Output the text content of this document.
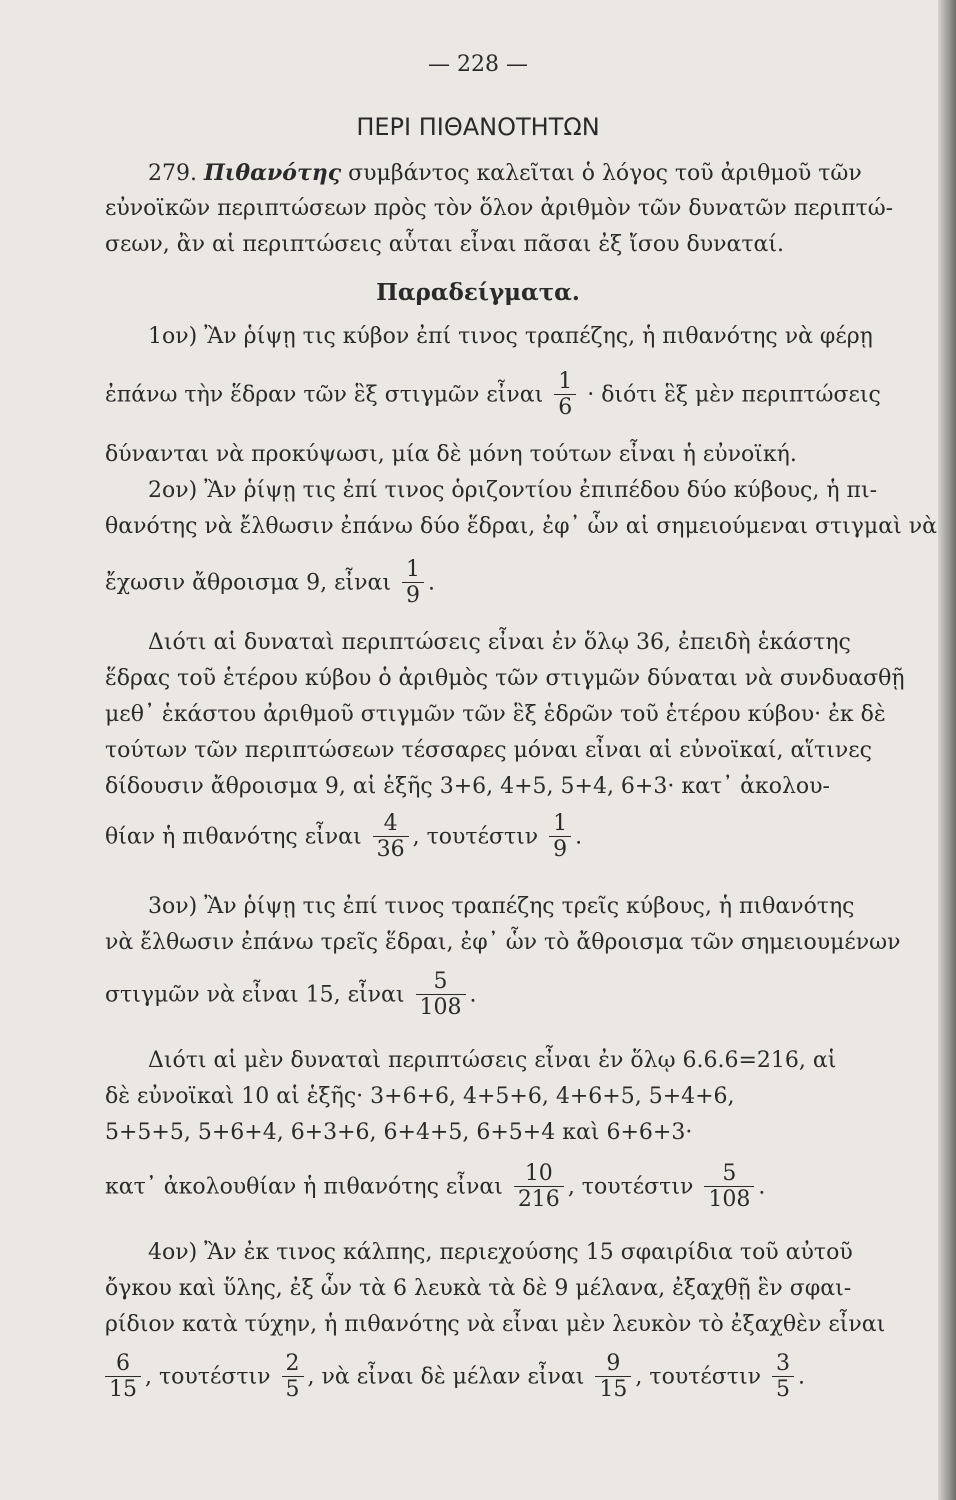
— 228 —
ΠΕΡΙ ΠΙΘΑΝΟΤΗΤΩΝ
279. Πιθανότης συμβάντος καλεῖται ὁ λόγος τοῦ ἀριθμοῦ τῶν
εὐνοϊκῶν περιπτώσεων πρὸς τὸν ὅλον ἀριθμὸν τῶν δυνατῶν περιπτώ-
σεων, ἂν αἱ περιπτώσεις αὗται εἶναι πᾶσαι ἐξ ἴσου δυναταί.
Παραδείγματα.
1ον) Ἂν ῥίψῃ τις κύβον ἐπί τινος τραπέζης, ἡ πιθανότης νὰ φέρῃ
ἐπάνω τὴν ἕδραν τῶν ἓξ στιγμῶν εἶναι $\frac{1}{6} \cdot \delta\iota ό\tau\iota$ ἓξ μὲν περιπτώσεις
δύνανται νὰ προκύψωσι, μία δὲ μόνη τούτων εἶναι ἡ εὐνοϊκή.
2ον) Ἂν ῥίψῃ τις ἐπί τινος ὁριζοντίου ἐπιπέδου δύο κύβους, ἡ πι-
θανότης νὰ ἔλθωσιν ἐπάνω δύο ἕδραι, ἐφ᾽ ὧν αἱ σημειούμεναι στιγμαὶ νὰ
ἔχωσιν ἄθροισμα 9, εἶναι $\frac{1}{9}$ .
Διότι αἱ δυναταὶ περιπτώσεις εἶναι ἐν ὅλῳ 36, ἐπειδὴ ἑκάστης
ἕδρας τοῦ ἑτέρου κύβου ὁ ἀριθμὸς τῶν στιγμῶν δύναται νὰ συνδυασθῇ
μεθ᾽ ἑκάστου ἀριθμοῦ στιγμῶν τῶν ἓξ ἑδρῶν τοῦ ἑτέρου κύβου· ἐκ δὲ
τούτων τῶν περιπτώσεων τέσσαρες μόναι εἶναι αἱ εὐνοϊκαί, αἵτινες
δίδουσιν ἄθροισμα 9, αἱ ἑξῆς 3+6, 4+5, 5+4, 6+3· κατ᾽ ἀκολου-
θίαν ἡ πιθανότης εἶναι $\frac{4}{36}$ , τουτέστιν $\frac{1}{9}$ .
3ον) Ἂν ῥίψῃ τις ἐπί τινος τραπέζης τρεῖς κύβους, ἡ πιθανότης
νὰ ἔλθωσιν ἐπάνω τρεῖς ἕδραι, ἐφ᾽ ὧν τὸ ἄθροισμα τῶν σημειουμένων
στιγμῶν νὰ εἶναι 15, εἶναι $\frac{5}{108}$ .
Διότι αἱ μὲν δυναταὶ περιπτώσεις εἶναι ἐν ὅλῳ 6.6.6=216, αἱ
δὲ εὐνοϊκαὶ 10 αἱ ἑξῆς· 3+6+6, 4+5+6, 4+6+5, 5+4+6,
5+5+5, 5+6+4, 6+3+6, 6+4+5, 6+5+4 καὶ 6+6+3·
κατ᾽ ἀκολουθίαν ἡ πιθανότης εἶναι $\frac{10}{216}$ , τουτέστιν $\frac{5}{108}$ .
4ον) Ἂν ἐκ τινος κάλπης, περιεχούσης 15 σφαιρίδια τοῦ αὐτοῦ
ὄγκου καὶ ὕλης, ἐξ ὧν τὰ 6 λευκὰ τὰ δὲ 9 μέλανα, ἐξαχθῇ ἓν σφαι-
ρίδιον κατὰ τύχην, ἡ πιθανότης νὰ εἶναι μὲν λευκὸν τὸ ἐξαχθὲν εἶναι
$\frac{6}{15}$ , τουτέστιν $\frac{2}{5}$ , νὰ εἶναι δὲ μέλαν εἶναι $\frac{9}{15}$ , τουτέστιν $\frac{3}{5}$ .
